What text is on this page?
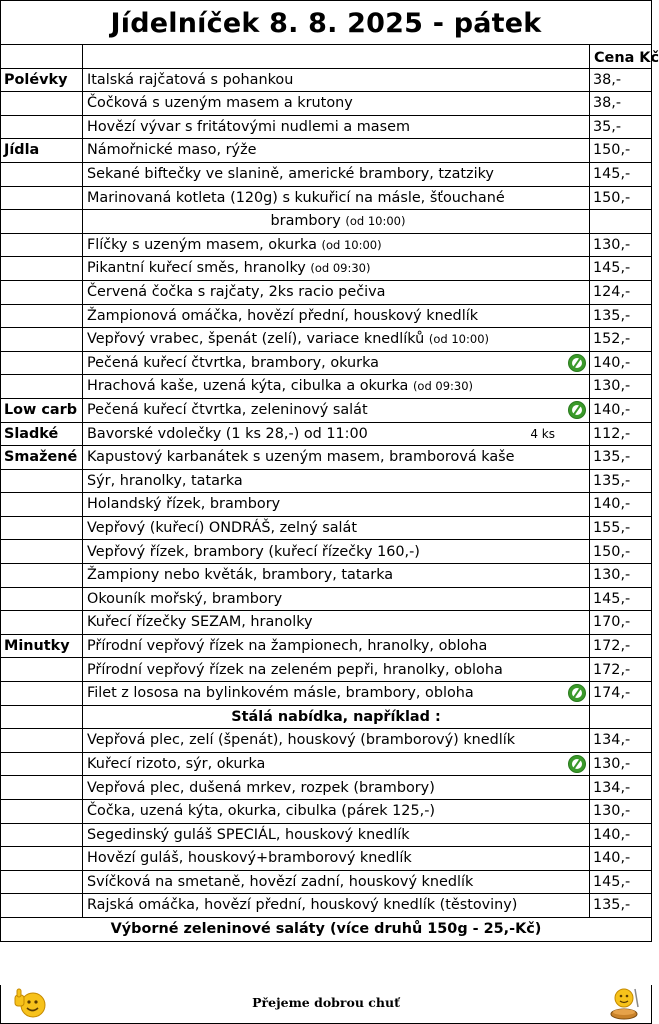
Jídelníček 8. 8. 2025 - pátek
		Cena Kč
Polévky	Italská rajčatová s pohankou	38,-
	Čočková s uzeným masem a krutony	38,-
	Hovězí vývar s fritátovými nudlemi a masem	35,-
Jídla	Námořnické maso, rýže	150,-
	Sekané biftečky ve slanině, americké brambory, tzatziky	145,-
	Marinovaná kotleta (120g) s kukuřicí na másle, šťouchané	150,-
	brambory (od 10:00)	
	Flíčky s uzeným masem, okurka (od 10:00)	130,-
	Pikantní kuřecí směs, hranolky (od 09:30)	145,-
	Červená čočka s rajčaty, 2ks racio pečiva	124,-
	Žampionová omáčka, hovězí přední, houskový knedlík	135,-
	Vepřový vrabec, špenát (zelí), variace knedlíků (od 10:00)	152,-
	Pečená kuřecí čtvrtka, brambory, okurka	140,-
	Hrachová kaše, uzená kýta, cibulka a okurka (od 09:30)	130,-
Low carb	Pečená kuřecí čtvrtka, zeleninový salát	140,-
Sladké	Bavorské vdolečky (1 ks 28,-) od 11:00 4 ks	112,-
Smažené	Kapustový karbanátek s uzeným masem, bramborová kaše	135,-
	Sýr, hranolky, tatarka	135,-
	Holandský řízek, brambory	140,-
	Vepřový (kuřecí) ONDRÁŠ, zelný salát	155,-
	Vepřový řízek, brambory (kuřecí řízečky 160,-)	150,-
	Žampiony nebo květák, brambory, tatarka	130,-
	Okouník mořský, brambory	145,-
	Kuřecí řízečky SEZAM, hranolky	170,-
Minutky	Přírodní vepřový řízek na žampionech, hranolky, obloha	172,-
	Přírodní vepřový řízek na zeleném pepři, hranolky, obloha	172,-
	Filet z lososa na bylinkovém másle, brambory, obloha	174,-
	Stálá nabídka, například :	
	Vepřová plec, zelí (špenát), houskový (bramborový) knedlík	134,-
	Kuřecí rizoto, sýr, okurka	130,-
	Vepřová plec, dušená mrkev, rozpek (brambory)	134,-
	Čočka, uzená kýta, okurka, cibulka (párek 125,-)	130,-
	Segedinský guláš SPECIÁL, houskový knedlík	140,-
	Hovězí guláš, houskový+bramborový knedlík	140,-
	Svíčková na smetaně, hovězí zadní, houskový knedlík	145,-
	Rajská omáčka, hovězí přední, houskový knedlík (těstoviny)	135,-
Výborné zeleninové saláty (více druhů 150g - 25,-Kč)		
Přejeme dobrou chuť
